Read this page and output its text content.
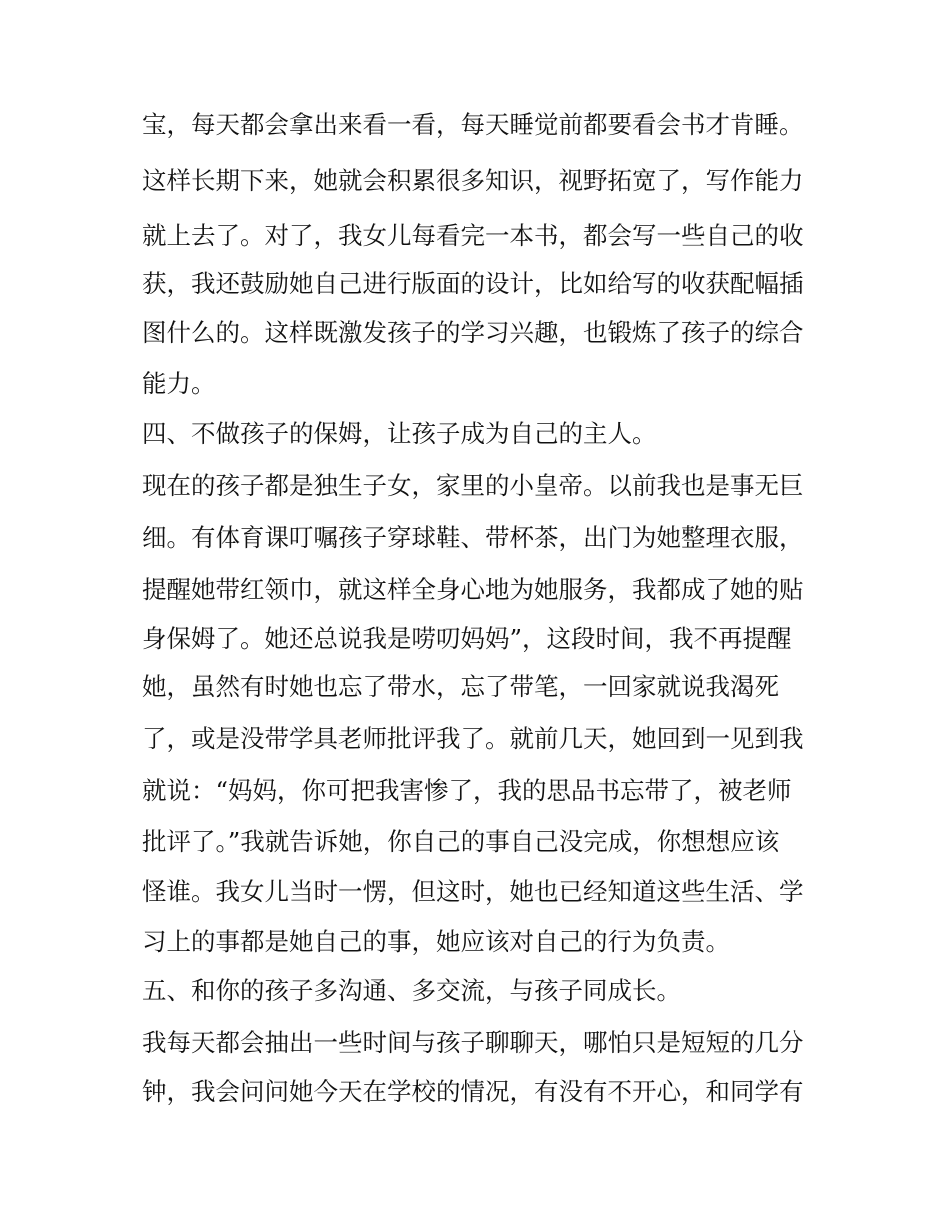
宝，每天都会拿出来看一看，每天睡觉前都要看会书才肯睡。
这样长期下来，她就会积累很多知识，视野拓宽了，写作能力
就上去了。对了，我女儿每看完一本书，都会写一些自己的收
获，我还鼓励她自己进行版面的设计，比如给写的收获配幅插
图什么的。这样既激发孩子的学习兴趣，也锻炼了孩子的综合
能力。
四、不做孩子的保姆，让孩子成为自己的主人。
现在的孩子都是独生子女，家里的小皇帝。以前我也是事无巨
细。有体育课叮嘱孩子穿球鞋、带杯茶，出门为她整理衣服，
提醒她带红领巾，就这样全身心地为她服务，我都成了她的贴
身保姆了。她还总说我是唠叨妈妈”，这段时间，我不再提醒
她，虽然有时她也忘了带水，忘了带笔，一回家就说我渴死
了，或是没带学具老师批评我了。就前几天，她回到一见到我
就说：“妈妈，你可把我害惨了，我的思品书忘带了，被老师
批评了。”我就告诉她，你自己的事自己没完成，你想想应该
怪谁。我女儿当时一愣，但这时，她也已经知道这些生活、学
习上的事都是她自己的事，她应该对自己的行为负责。
五、和你的孩子多沟通、多交流，与孩子同成长。
我每天都会抽出一些时间与孩子聊聊天，哪怕只是短短的几分
钟，我会问问她今天在学校的情况，有没有不开心，和同学有
